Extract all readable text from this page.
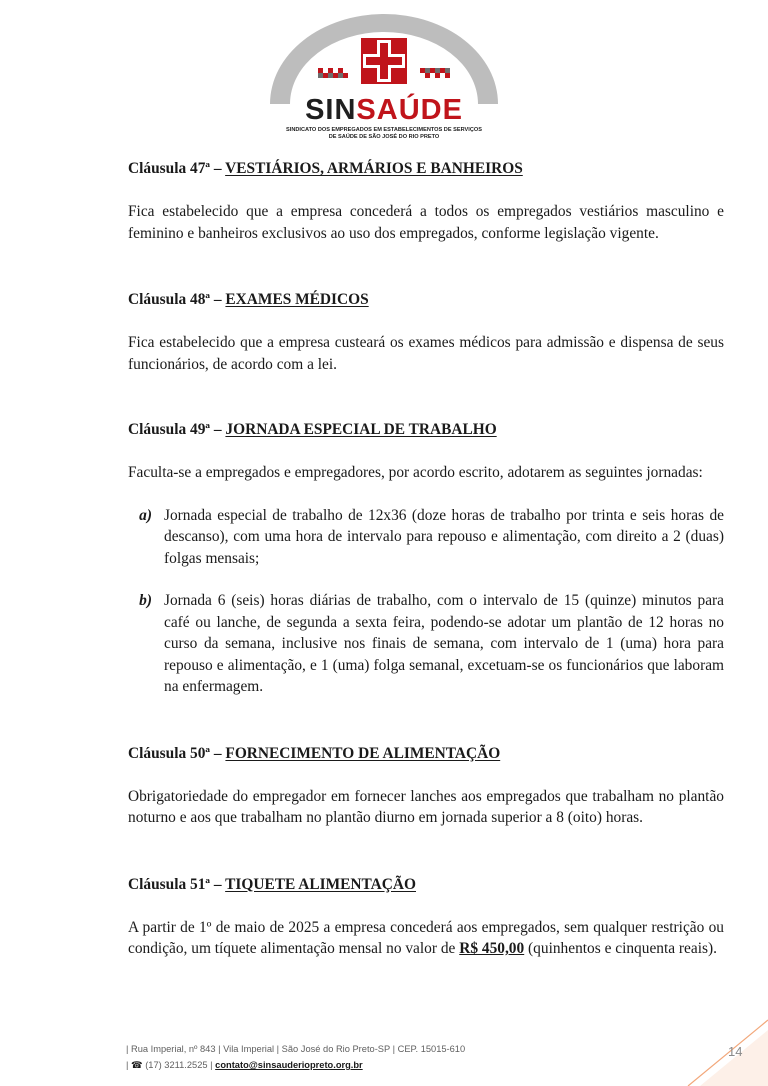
SINSAÚDE
SINDICATO DOS EMPREGADOS EM ESTABELECIMENTOS DE SERVIÇOS
DE SAÚDE DE SÃO JOSÉ DO RIO PRETO
Cláusula 47ª – VESTIÁRIOS, ARMÁRIOS E BANHEIROS

Fica estabelecido que a empresa concederá a todos os empregados vestiários masculino e feminino e banheiros exclusivos ao uso dos empregados, conforme legislação vigente.

Cláusula 48ª – EXAMES MÉDICOS

Fica estabelecido que a empresa custeará os exames médicos para admissão e dispensa de seus funcionários, de acordo com a lei.

Cláusula 49ª – JORNADA ESPECIAL DE TRABALHO

Faculta-se a empregados e empregadores, por acordo escrito, adotarem as seguintes jornadas:

a) Jornada especial de trabalho de 12x36 (doze horas de trabalho por trinta e seis horas de descanso), com uma hora de intervalo para repouso e alimentação, com direito a 2 (duas) folgas mensais;
b) Jornada 6 (seis) horas diárias de trabalho, com o intervalo de 15 (quinze) minutos para café ou lanche, de segunda a sexta feira, podendo-se adotar um plantão de 12 horas no curso da semana, inclusive nos finais de semana, com intervalo de 1 (uma) hora para repouso e alimentação, e 1 (uma) folga semanal, excetuam-se os funcionários que laboram na enfermagem.
Cláusula 50ª – FORNECIMENTO DE ALIMENTAÇÃO

Obrigatoriedade do empregador em fornecer lanches aos empregados que trabalham no plantão noturno e aos que trabalham no plantão diurno em jornada superior a 8 (oito) horas.

Cláusula 51ª – TIQUETE ALIMENTAÇÃO

A partir de 1º de maio de 2025 a empresa concederá aos empregados, sem qualquer restrição ou condição, um tíquete alimentação mensal no valor de R$ 450,00 (quinhentos e cinquenta reais).

| Rua Imperial, nº 843 | Vila Imperial | São José do Rio Preto-SP | CEP. 15015-610
| ☎ (17) 3211.2525 | contato@sinsauderiopreto.org.br
14
